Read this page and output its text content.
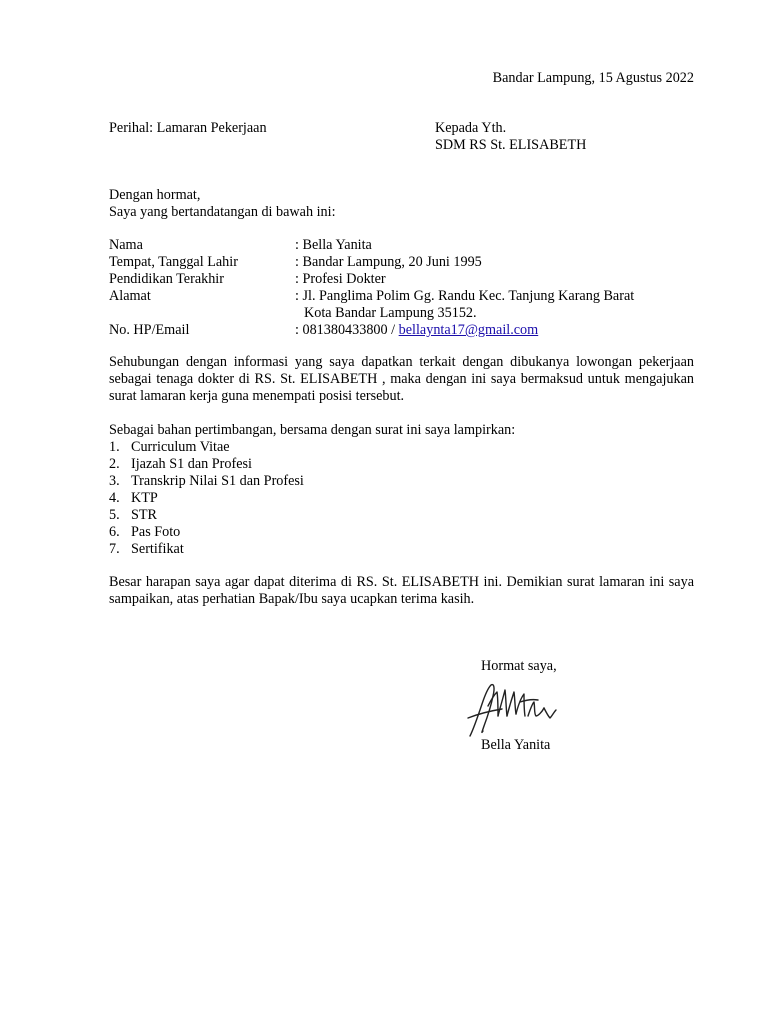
Bandar Lampung, 15 Agustus 2022
Perihal: Lamaran Pekerjaan	Kepada Yth.
SDM RS St. ELISABETH
Dengan hormat,
Saya yang bertandatangan di bawah ini:
Nama	: Bella Yanita
Tempat, Tanggal Lahir	: Bandar Lampung, 20 Juni 1995
Pendidikan Terakhir	: Profesi Dokter
Alamat	: Jl. Panglima Polim Gg. Randu Kec. Tanjung Karang Barat
Kota Bandar Lampung 35152.
No. HP/Email	: 081380433800 / bellaynta17@gmail.com
Sehubungan dengan informasi yang saya dapatkan terkait dengan dibukanya lowongan pekerjaan sebagai tenaga dokter di RS. St. ELISABETH , maka dengan ini saya bermaksud untuk mengajukan surat lamaran kerja guna menempati posisi tersebut.
Sebagai bahan pertimbangan, bersama dengan surat ini saya lampirkan:
1. Curriculum Vitae
2. Ijazah S1 dan Profesi
3. Transkrip Nilai S1 dan Profesi
4. KTP
5. STR
6. Pas Foto
7. Sertifikat
Besar harapan saya agar dapat diterima di RS. St. ELISABETH ini. Demikian surat lamaran ini saya sampaikan, atas perhatian Bapak/Ibu saya ucapkan terima kasih.
Hormat saya,
Bella Yanita
